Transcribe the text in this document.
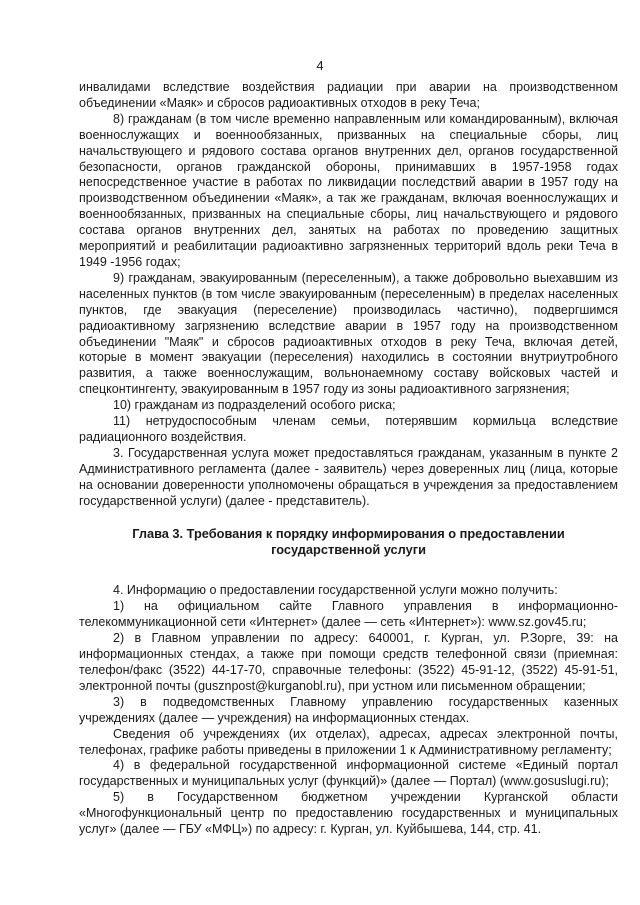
4

инвалидами вследствие воздействия радиации при аварии на производственном объединении «Маяк» и сбросов радиоактивных отходов в реку Теча;

8) гражданам (в том числе временно направленным или командированным), включая военнослужащих и военнообязанных, призванных на специальные сборы, лиц начальствующего и рядового состава органов внутренних дел, органов государственной безопасности, органов гражданской обороны, принимавших в 1957-1958 годах непосредственное участие в работах по ликвидации последствий аварии в 1957 году на производственном объединении «Маяк», а так же гражданам, включая военнослужащих и военнообязанных, призванных на специальные сборы, лиц начальствующего и рядового состава органов внутренних дел, занятых на работах по проведению защитных мероприятий и реабилитации радиоактивно загрязненных территорий вдоль реки Теча в 1949 -1956 годах;

9) гражданам, эвакуированным (переселенным), а также добровольно выехавшим из населенных пунктов (в том числе эвакуированным (переселенным) в пределах населенных пунктов, где эвакуация (переселение) производилась частично), подвергшимся радиоактивному загрязнению вследствие аварии в 1957 году на производственном объединении "Маяк" и сбросов радиоактивных отходов в реку Теча, включая детей, которые в момент эвакуации (переселения) находились в состоянии внутриутробного развития, а также военнослужащим, вольнонаемному составу войсковых частей и спецконтингенту, эвакуированным в 1957 году из зоны радиоактивного загрязнения;

10) гражданам из подразделений особого риска;

11) нетрудоспособным членам семьи, потерявшим кормильца вследствие радиационного воздействия.

3. Государственная услуга может предоставляться гражданам, указанным в пункте 2 Административного регламента (далее - заявитель) через доверенных лиц (лица, которые на основании доверенности уполномочены обращаться в учреждения за предоставлением государственной услуги) (далее - представитель).

Глава 3. Требования к порядку информирования о предоставлении
государственной услуги

4. Информацию о предоставлении государственной услуги можно получить:

1) на официальном сайте Главного управления в информационно-телекоммуникационной сети «Интернет» (далее — сеть «Интернет»): www.sz.gov45.ru;

2) в Главном управлении по адресу: 640001, г. Курган, ул. Р.Зорге, 39: на информационных стендах, а также при помощи средств телефонной связи (приемная: телефон/факс (3522) 44-17-70, справочные телефоны: (3522) 45-91-12, (3522) 45-91-51, электронной почты (gusznpost@kurganobl.ru), при устном или письменном обращении;

3) в подведомственных Главному управлению государственных казенных учреждениях (далее — учреждения) на информационных стендах.

Сведения об учреждениях (их отделах), адресах, адресах электронной почты, телефонах, графике работы приведены в приложении 1 к Административному регламенту;

4) в федеральной государственной информационной системе «Единый портал государственных и муниципальных услуг (функций)» (далее — Портал) (www.gosuslugi.ru);

5) в Государственном бюджетном учреждении Курганской области «Многофункциональный центр по предоставлению государственных и муниципальных услуг» (далее — ГБУ «МФЦ») по адресу: г. Курган, ул. Куйбышева, 144, стр. 41.
